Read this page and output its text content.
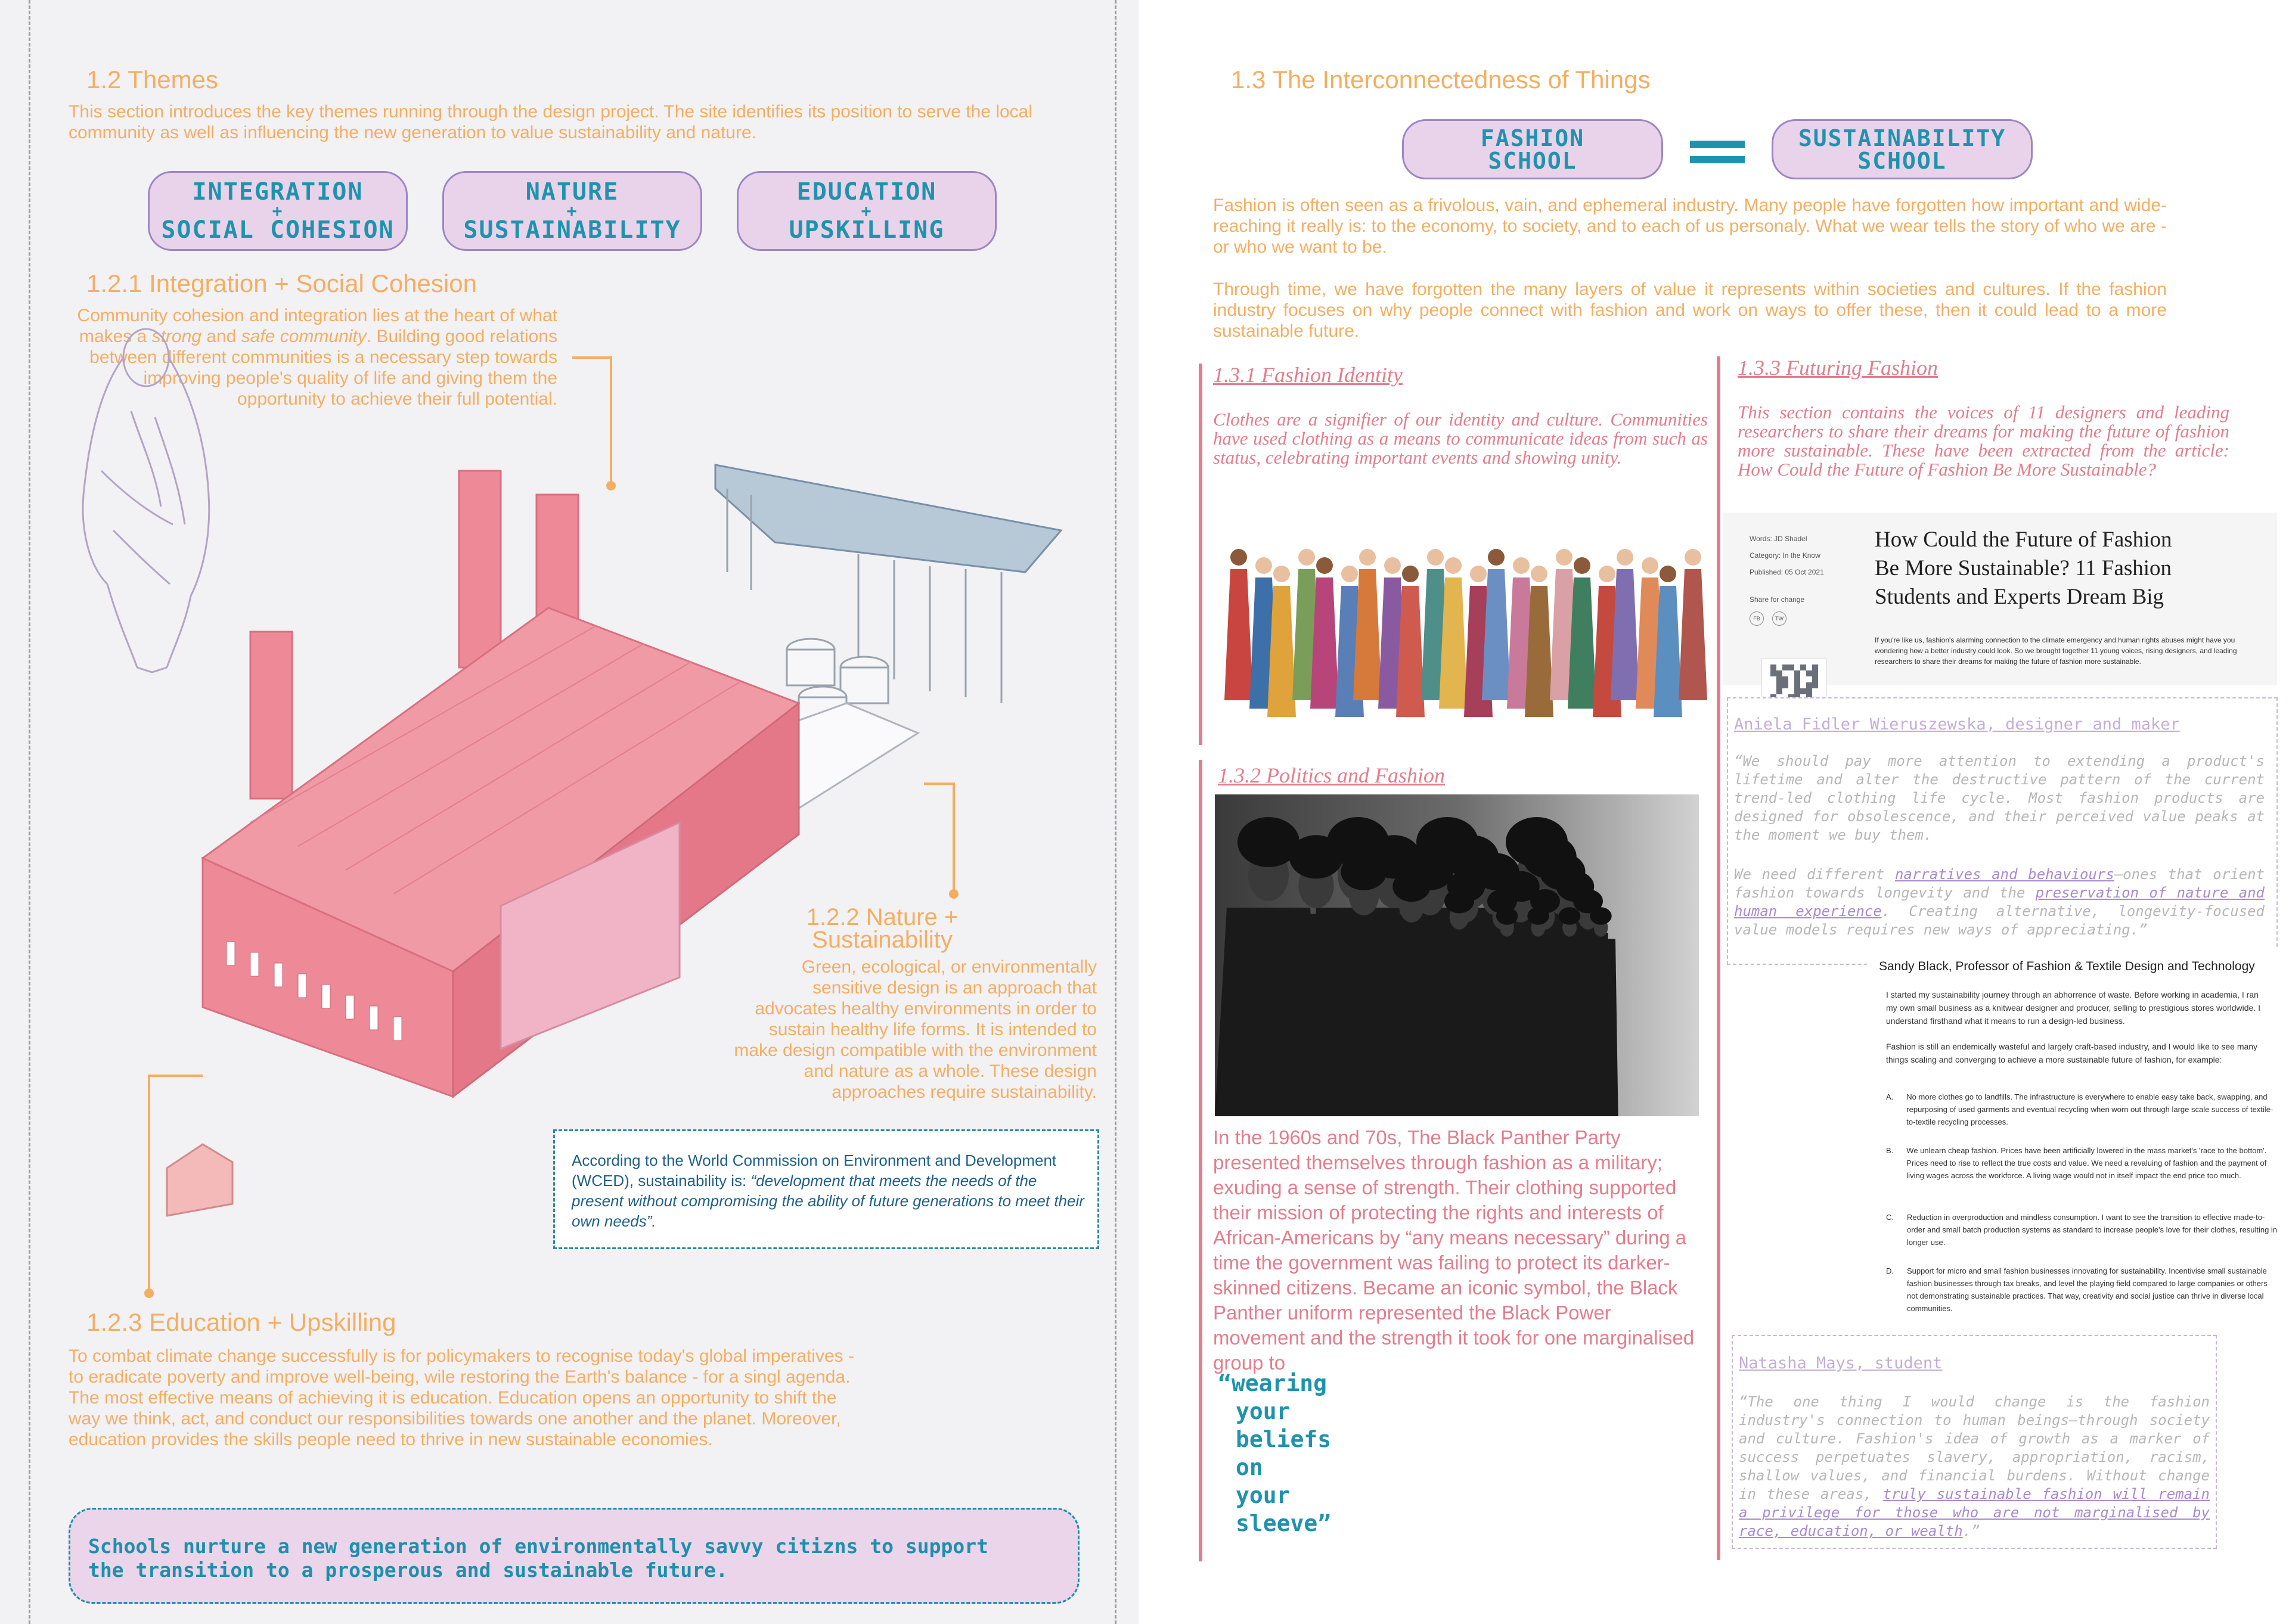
1.2 Themes
This section introduces the key themes running through the design project. The site identifies its position to serve the local community as well as influencing the new generation to value sustainability and nature.
INTEGRATION
+
SOCIAL COHESION
NATURE
+
SUSTAINABILITY
EDUCATION
+
UPSKILLING
1.2.1 Integration + Social Cohesion
Community cohesion and integration lies at the heart of what makes a strong and safe community. Building good relations between different communities is a necessary step towards improving people's quality of life and giving them the opportunity to achieve their full potential.
1.2.2 Nature + Sustainability
Green, ecological, or environmentally sensitive design is an approach that advocates healthy environments in order to sustain healthy life forms. It is intended to make design compatible with the environment and nature as a whole. These design approaches require sustainability.
According to the World Commission on Environment and Development (WCED), sustainability is: “development that meets the needs of the present without compromising the ability of future generations to meet their own needs”.
1.2.3 Education + Upskilling
To combat climate change successfully is for policymakers to recognise today's global imperatives - to eradicate poverty and improve well-being, wile restoring the Earth's balance - for a singl agenda. The most effective means of achieving it is education. Education opens an opportunity to shift the way we think, act, and conduct our responsibilities towards one another and the planet. Moreover, education provides the skills people need to thrive in new sustainable economies.
Schools nurture a new generation of environmentally savvy citizns to support the transition to a prosperous and sustainable future.
1.3 The Interconnectedness of Things
FASHION
SCHOOL
SUSTAINABILITY
SCHOOL
Fashion is often seen as a frivolous, vain, and ephemeral industry. Many people have forgotten how important and wide-reaching it really is: to the economy, to society, and to each of us personaly. What we wear tells the story of who we are - or who we want to be.
Through time, we have forgotten the many layers of value it represents within societies and cultures. If the fashion industry focuses on why people connect with fashion and work on ways to offer these, then it could lead to a more sustainable future.
1.3.1 Fashion Identity
Clothes are a signifier of our identity and culture. Communities have used clothing as a means to communicate ideas from such as status, celebrating important events and showing unity.
1.3.2 Politics and Fashion
In the 1960s and 70s, The Black Panther Party presented themselves through fashion as a military; exuding a sense of strength. Their clothing supported their mission of protecting the rights and interests of African-Americans by “any means necessary” during a time the government was failing to protect its darker-skinned citizens. Became an iconic symbol, the Black Panther uniform represented the Black Power movement and the strength it took for one marginalised group to
“wearing
your
beliefs
on
your
sleeve”
1.3.3 Futuring Fashion
This section contains the voices of 11 designers and leading researchers to share their dreams for making the future of fashion more sustainable. These have been extracted from the article: How Could the Future of Fashion Be More Sustainable?
Words: JD Shadel
Category: In the Know
Published: 05 Oct 2021
Share for change
FB	TW
How Could the Future of Fashion Be More Sustainable? 11 Fashion Students and Experts Dream Big
If you're like us, fashion's alarming connection to the climate emergency and human rights abuses might have you wondering how a better industry could look. So we brought together 11 young voices, rising designers, and leading researchers to share their dreams for making the future of fashion more sustainable.
Aniela Fidler Wieruszewska, designer and maker
“We should pay more attention to extending a product's lifetime and alter the destructive pattern of the current trend-led clothing life cycle. Most fashion products are designed for obsolescence, and their perceived value peaks at the moment we buy them.
We need different narratives and behaviours–ones that orient fashion towards longevity and the preservation of nature and human experience. Creating alternative, longevity-focused value models requires new ways of appreciating.”
Sandy Black, Professor of Fashion & Textile Design and Technology
I started my sustainability journey through an abhorrence of waste. Before working in academia, I ran my own small business as a knitwear designer and producer, selling to prestigious stores worldwide. I understand firsthand what it means to run a design-led business.
Fashion is still an endemically wasteful and largely craft-based industry, and I would like to see many things scaling and converging to achieve a more sustainable future of fashion, for example:
A. No more clothes go to landfills. The infrastructure is everywhere to enable easy take back, swapping, and repurposing of used garments and eventual recycling when worn out through large scale success of textile-to-textile recycling processes.
B. We unlearn cheap fashion. Prices have been artificially lowered in the mass market's 'race to the bottom'. Prices need to rise to reflect the true costs and value. We need a revaluing of fashion and the payment of living wages across the workforce. A living wage would not in itself impact the end price too much.
C. Reduction in overproduction and mindless consumption. I want to see the transition to effective made-to-order and small batch production systems as standard to increase people's love for their clothes, resulting in longer use.
D. Support for micro and small fashion businesses innovating for sustainability. Incentivise small sustainable fashion businesses through tax breaks, and level the playing field compared to large companies or others not demonstrating sustainable practices. That way, creativity and social justice can thrive in diverse local communities.
Natasha Mays, student
“The one thing I would change is the fashion industry's connection to human beings—through society and culture. Fashion's idea of growth as a marker of success perpetuates slavery, appropriation, racism, shallow values, and financial burdens. Without change in these areas, truly sustainable fashion will remain a privilege for those who are not marginalised by race, education, or wealth.”
